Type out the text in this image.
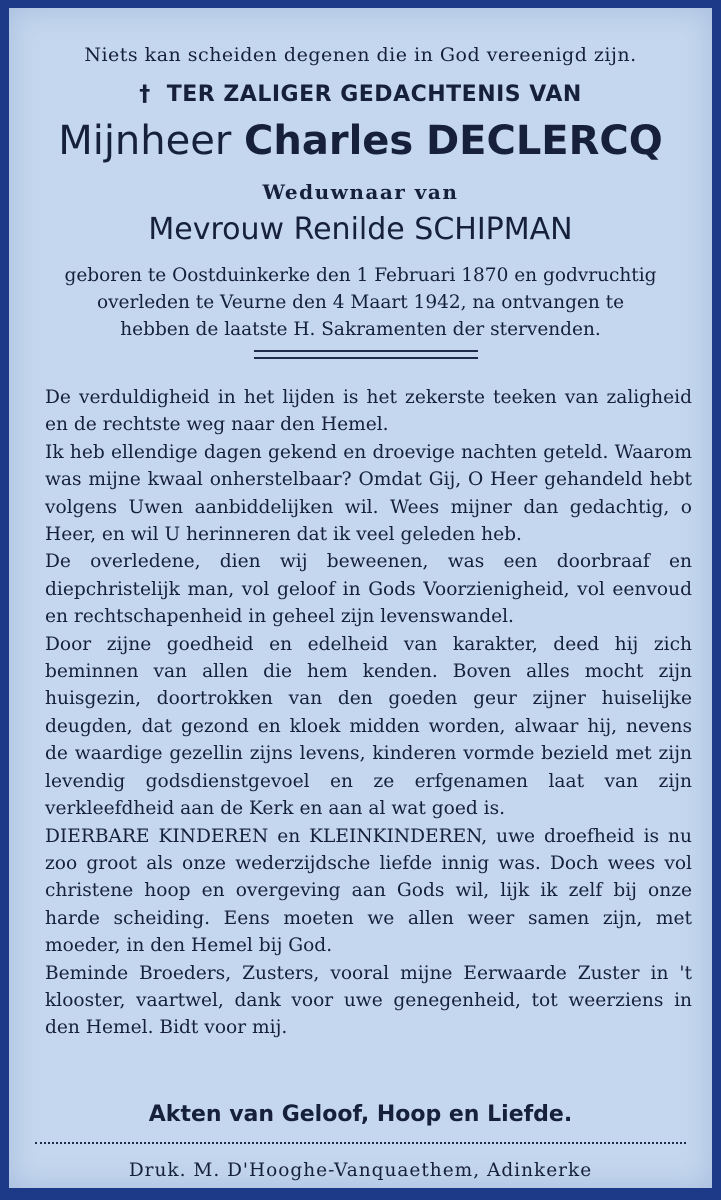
Niets kan scheiden degenen die in God vereenigd zijn.
† TER ZALIGER GEDACHTENIS VAN
Mijnheer Charles DECLERCQ
Weduwnaar van
Mevrouw Renilde SCHIPMAN
geboren te Oostduinkerke den 1 Februari 1870 en godvruchtig
overleden te Veurne den 4 Maart 1942, na ontvangen te
hebben de laatste H. Sakramenten der stervenden.

De verduldigheid in het lijden is het zekerste teeken van zaligheid en de rechtste weg naar den Hemel.

Ik heb ellendige dagen gekend en droevige nachten geteld. Waarom was mijne kwaal onherstelbaar? Omdat Gij, O Heer gehandeld hebt volgens Uwen aanbiddelijken wil. Wees mijner dan gedachtig, o Heer, en wil U herinneren dat ik veel geleden heb.

De overledene, dien wij beweenen, was een doorbraaf en diepchristelijk man, vol geloof in Gods Voorzienigheid, vol eenvoud en rechtschapenheid in geheel zijn levenswandel.

Door zijne goedheid en edelheid van karakter, deed hij zich beminnen van allen die hem kenden. Boven alles mocht zijn huisgezin, doortrokken van den goeden geur zijner huiselijke deugden, dat gezond en kloek midden worden, alwaar hij, nevens de waardige gezellin zijns levens, kinderen vormde bezield met zijn levendig godsdienstgevoel en ze erfgenamen laat van zijn verkleefdheid aan de Kerk en aan al wat goed is.

DIERBARE KINDEREN en KLEINKINDEREN, uwe droefheid is nu zoo groot als onze wederzijdsche liefde innig was. Doch wees vol christene hoop en overgeving aan Gods wil, lijk ik zelf bij onze harde scheiding. Eens moeten we allen weer samen zijn, met moeder, in den Hemel bij God.

Beminde Broeders, Zusters, vooral mijne Eerwaarde Zuster in 't klooster, vaartwel, dank voor uwe genegenheid, tot weerziens in den Hemel. Bidt voor mij.

Akten van Geloof, Hoop en Liefde.
Druk. M. D'Hooghe-Vanquaethem, Adinkerke
